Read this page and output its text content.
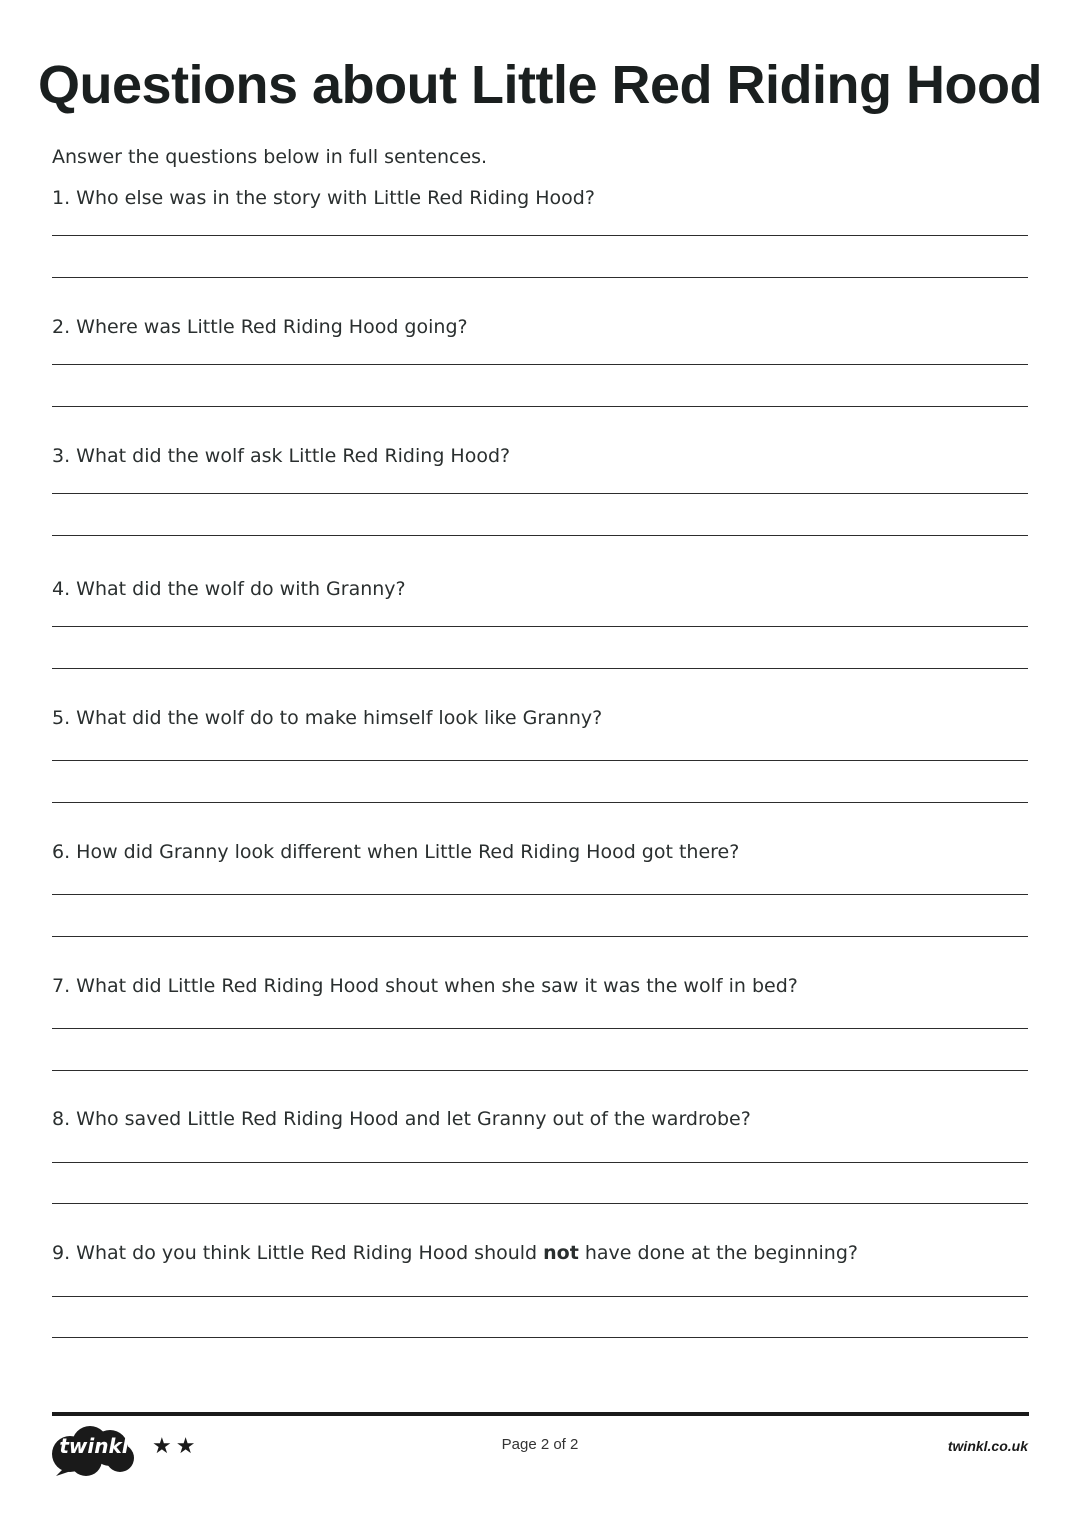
Questions about Little Red Riding Hood
Answer the questions below in full sentences.
1. Who else was in the story with Little Red Riding Hood?
2. Where was Little Red Riding Hood going?
3. What did the wolf ask Little Red Riding Hood?
4. What did the wolf do with Granny?
5. What did the wolf do to make himself look like Granny?
6. How did Granny look different when Little Red Riding Hood got there?
7. What did Little Red Riding Hood shout when she saw it was the wolf in bed?
8. Who saved Little Red Riding Hood and let Granny out of the wardrobe?
9. What do you think Little Red Riding Hood should not have done at the beginning?
twinkl ★ ★	Page 2 of 2	twinkl.co.uk
